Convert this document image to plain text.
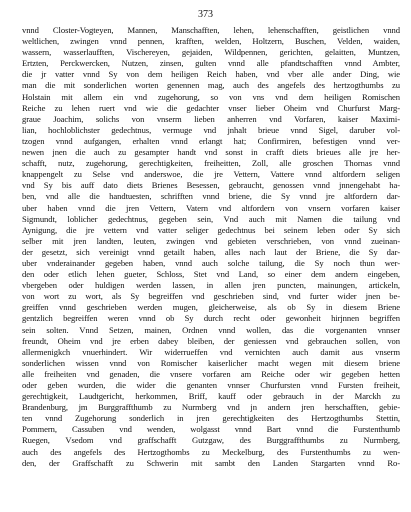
373
vnnd Closter-Vogteyen, Mannen, Manschafften, lehen, lehenschafften, geistlichen vnnd
weltlichen, zwingen vnnd pennen, krafften, welden, Holtzern, Buschen, Velden, waiden,
wassern, wasserlaufften, Vischereyen, gejaiden, Wildpennen, gerichten, gelaitten, Muntzen,
Ertzten, Perckwercken, Nutzen, zinsen, gulten vnnd alle pfandtschafften vnnd Ambter,
die jr vatter vnnd Sy von dem heiligen Reich haben, vnd vber alle ander Ding, wie
man die mit sonderlichen worten genennen mag, auch des angefels des hertzogthumbs zu
Holstain mit allem ein vnd zugehorung, so von vns vnd dem heiligen Romischen
Reiche zu lehen ruert vnd wie die gedachter vnser lieber Oheim vnd Churfurst Marg-
graue Joachim, solichs von vnserm lieben anherren vnd Vorfaren, kaiser Maximi-
lian, hochloblichster gedechtnus, vermuge vnd jnhalt brieue vnnd Sigel, daruber vol-
tzogen vnnd aufgangen, erhalten vnnd erlangt hat; Confirmiren, befestigen vnnd ver-
newen jnen die auch zu gesampter handt vnd sonst in crafft diets brieues alle jre her-
schafft, nutz, zugehorung, gerechtigkeiten, freiheitten, Zoll, alle groschen Thornas vnnd
knappengelt zu Selse vnd anderswoe, die jre Vettern, Vattere vnnd altfordern seligen
vnd Sy bis auff dato diets Brienes Besessen, gebraucht, genossen vnnd jnnengehabt ha-
ben, vnd alle die handtuesten, schrifften vnnd briene, die Sy vnnd jre altfordern dar-
uber haben vnnd die jren Vettern, Vatern vnd altfordern von vnsern vorfaren kaiser
Sigmundt, loblicher gedechtnus, gegeben sein, Vnd auch mit Namen die tailung vnd
Aynigung, die jre vettern vnd vatter seliger gedechtnus bei seinem leben oder Sy sich
selber mit jren landten, leuten, zwingen vnd gebieten verschrieben, von vnnd zueinan-
der gesetzt, sich vereinigt vnnd getailt haben, alles nach laut der Briene, die Sy dar-
uber vnderainander gegeben haben, vnnd auch solche tailung, die Sy noch thun wer-
den oder etlich lehen gueter, Schloss, Stet vnd Land, so einer dem andern eingeben,
vbergeben oder huldigen werden lassen, in allen jren puncten, mainungen, artickeln,
von wort zu wort, als Sy begreiffen vnd geschrieben sind, vnd furter wider jnen be-
greiffen vnnd geschrieben werden mugen, gleicherweise, als ob Sy in diesem Briene
gentzlich begreiffen weren vnnd ob Sy durch recht oder gewonheit hirjnnen begriffen
sein solten. Vnnd Setzen, mainen, Ordnen vnnd wollen, das die vorgenanten vnnser
freundt, Oheim vnd jre erben dabey bleiben, der geniessen vnd gebrauchen sollen, von
allermenigkch vnuerhindert. Wir widerrueffen vnd vernichten auch damit aus vnserm
sonderlichen wissen vnnd von Romischer kaiserlicher macht wegen mit diesem briene
alle freiheiten vnd genaden, die vnsere vorfaren am Reiche oder wir gegeben hetten
oder geben wurden, die wider die genanten vnnser Churfursten vnnd Fursten freiheit,
gerechtigkeit, Laudtgericht, herkommen, Briff, kauff oder gebrauch in der Marckh zu
Brandenburg, jm Burggraffthumb zu Nurmberg vnd jn andern jren herschafften, gebie-
ten vnnd Zugehorung sonderlich in jren gerechtigkeiten des Hertzogthumbs Stettin,
Pommern, Cassuben vnd wenden, wolgasst vnnd Bart vnnd die Furstenthumb
Ruegen, Vsedom vnd graffschafft Gutzgaw, des Burggraffthumbs zu Nurmberg,
auch des angefels des Hertzogthombs zu Meckelburg, des Furstenthumbs zu wen-
den, der Graffschafft zu Schwerin mit sambt den Landen Stargarten vnnd Ro-
